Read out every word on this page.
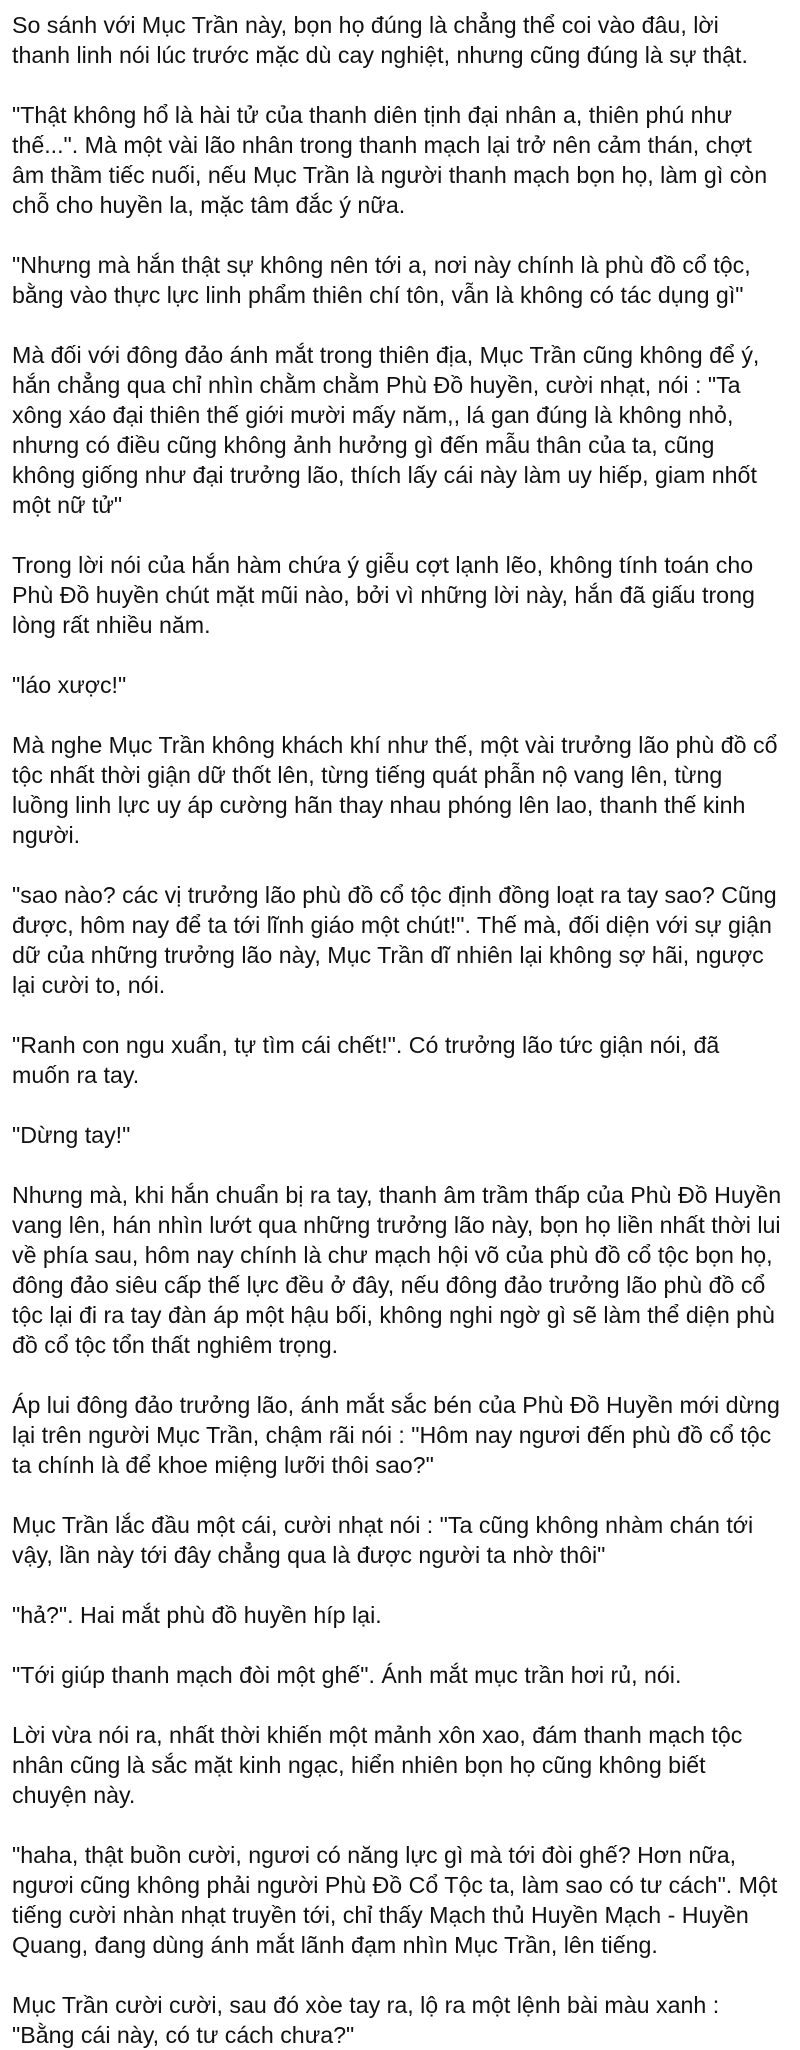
So sánh với Mục Trần này, bọn họ đúng là chẳng thể coi vào đâu, lời thanh linh nói lúc trước mặc dù cay nghiệt, nhưng cũng đúng là sự thật.

"Thật không hổ là hài tử của thanh diên tịnh đại nhân a, thiên phú như thế...". Mà một vài lão nhân trong thanh mạch lại trở nên cảm thán, chợt âm thầm tiếc nuối, nếu Mục Trần là người thanh mạch bọn họ, làm gì còn chỗ cho huyền la, mặc tâm đắc ý nữa.

"Nhưng mà hắn thật sự không nên tới a, nơi này chính là phù đồ cổ tộc, bằng vào thực lực linh phẩm thiên chí tôn, vẫn là không có tác dụng gì"

Mà đối với đông đảo ánh mắt trong thiên địa, Mục Trần cũng không để ý, hắn chẳng qua chỉ nhìn chằm chằm Phù Đồ huyền, cười nhạt, nói : "Ta xông xáo đại thiên thế giới mười mấy năm,, lá gan đúng là không nhỏ, nhưng có điều cũng không ảnh hưởng gì đến mẫu thân của ta, cũng không giống như đại trưởng lão, thích lấy cái này làm uy hiếp, giam nhốt một nữ tử"

Trong lời nói của hắn hàm chứa ý giễu cợt lạnh lẽo, không tính toán cho Phù Đồ huyền chút mặt mũi nào, bởi vì những lời này, hắn đã giấu trong lòng rất nhiều năm.

"láo xược!"

Mà nghe Mục Trần không khách khí như thế, một vài trưởng lão phù đồ cổ tộc nhất thời giận dữ thốt lên, từng tiếng quát phẫn nộ vang lên, từng luồng linh lực uy áp cường hãn thay nhau phóng lên lao, thanh thế kinh người.

"sao nào? các vị trưởng lão phù đồ cổ tộc định đồng loạt ra tay sao? Cũng được, hôm nay để ta tới lĩnh giáo một chút!". Thế mà, đối diện với sự giận dữ của những trưởng lão này, Mục Trần dĩ nhiên lại không sợ hãi, ngược lại cười to, nói.

"Ranh con ngu xuẩn, tự tìm cái chết!". Có trưởng lão tức giận nói, đã muốn ra tay.

"Dừng tay!"

Nhưng mà, khi hắn chuẩn bị ra tay, thanh âm trầm thấp của Phù Đồ Huyền vang lên, hán nhìn lướt qua những trưởng lão này, bọn họ liền nhất thời lui về phía sau, hôm nay chính là chư mạch hội võ của phù đồ cổ tộc bọn họ, đông đảo siêu cấp thế lực đều ở đây, nếu đông đảo trưởng lão phù đồ cổ tộc lại đi ra tay đàn áp một hậu bối, không nghi ngờ gì sẽ làm thể diện phù đồ cổ tộc tổn thất nghiêm trọng.

Áp lui đông đảo trưởng lão, ánh mắt sắc bén của Phù Đồ Huyền mới dừng lại trên người Mục Trần, chậm rãi nói : "Hôm nay ngươi đến phù đồ cổ tộc ta chính là để khoe miệng lưỡi thôi sao?"

Mục Trần lắc đầu một cái, cười nhạt nói : "Ta cũng không nhàm chán tới vậy, lần này tới đây chẳng qua là được người ta nhờ thôi"

"hả?". Hai mắt phù đồ huyền híp lại.

"Tới giúp thanh mạch đòi một ghế". Ánh mắt mục trần hơi rủ, nói.

Lời vừa nói ra, nhất thời khiến một mảnh xôn xao, đám thanh mạch tộc nhân cũng là sắc mặt kinh ngạc, hiển nhiên bọn họ cũng không biết chuyện này.

"haha, thật buồn cười, ngươi có năng lực gì mà tới đòi ghế? Hơn nữa, ngươi cũng không phải người Phù Đồ Cổ Tộc ta, làm sao có tư cách". Một tiếng cười nhàn nhạt truyền tới, chỉ thấy Mạch thủ Huyền Mạch - Huyền Quang, đang dùng ánh mắt lãnh đạm nhìn Mục Trần, lên tiếng.

Mục Trần cười cười, sau đó xòe tay ra, lộ ra một lệnh bài màu xanh : "Bằng cái này, có tư cách chưa?"
